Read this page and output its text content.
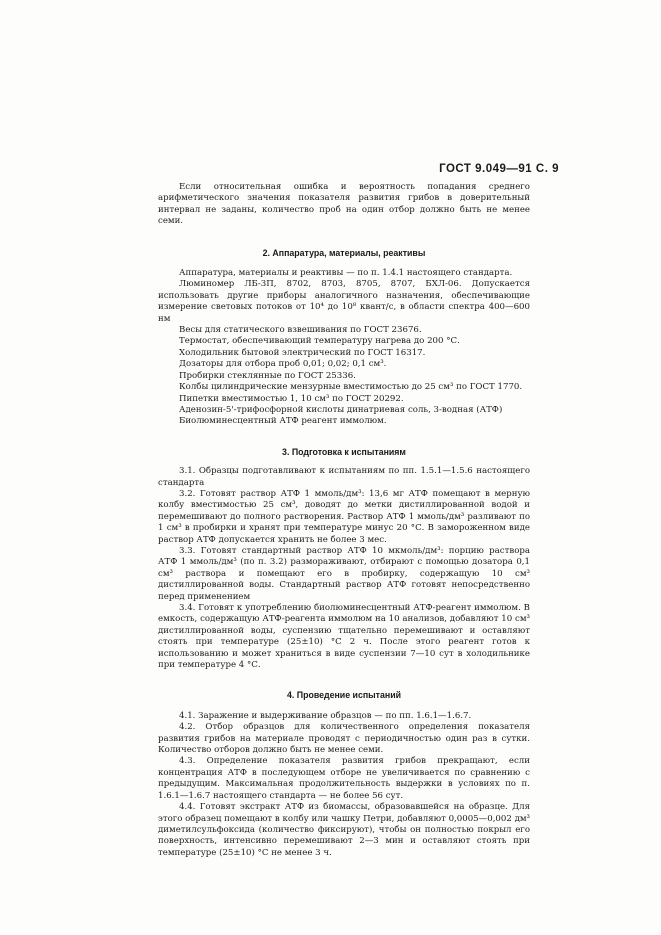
ГОСТ 9.049—91 С. 9

Если относительная ошибка и вероятность попадания среднего арифметического значения показателя развития грибов в доверительный интервал не заданы, количество проб на один отбор должно быть не менее семи.

2. Аппаратура, материалы, реактивы

Аппаратура, материалы и реактивы — по п. 1.4.1 настоящего стандарта.

Люминомер ЛБ-3П, 8702, 8703, 8705, 8707, БХЛ-06. Допускается использовать другие приборы аналогичного назначения, обеспечивающие измерение световых потоков от 10⁴ до 10⁸ квант/с, в области спектра 400—600 нм

Весы для статического взвешивания по ГОСТ 23676.

Термостат, обеспечивающий температуру нагрева до 200 °С.

Холодильник бытовой электрический по ГОСТ 16317.

Дозаторы для отбора проб 0,01; 0,02; 0,1 см³.

Пробирки стеклянные по ГОСТ 25336.

Колбы цилиндрические мензурные вместимостью до 25 см³ по ГОСТ 1770.

Пипетки вместимостью 1, 10 см³ по ГОСТ 20292.

Аденозин-5'-трифосфорной кислоты динатриевая соль, 3-водная (АТФ)

Биолюминесцентный АТФ реагент иммолюм.

3. Подготовка к испытаниям

3.1. Образцы подготавливают к испытаниям по пп. 1.5.1—1.5.6 настоящего стандарта

3.2. Готовят раствор АТФ 1 ммоль/дм³: 13,6 мг АТФ помещают в мерную колбу вместимостью 25 см³, доводят до метки дистиллированной водой и перемешивают до полного растворения. Раствор АТФ 1 ммоль/дм³ разливают по 1 см³ в пробирки и хранят при температуре минус 20 °С. В замороженном виде раствор АТФ допускается хранить не более 3 мес.

3.3. Готовят стандартный раствор АТФ 10 мкмоль/дм³: порцию раствора АТФ 1 ммоль/дм³ (по п. 3.2) размораживают, отбирают с помощью дозатора 0,1 см³ раствора и помещают его в пробирку, содержащую 10 см³ дистиллированной воды. Стандартный раствор АТФ готовят непосредственно перед применением

3.4. Готовят к употреблению биолюминесцентный АТФ-реагент иммолюм. В емкость, содержащую АТФ-реагента иммолюм на 10 анализов, добавляют 10 см³ дистиллированной воды, суспензию тщательно перемешивают и оставляют стоять при температуре (25±10) °С 2 ч. После этого реагент готов к использованию и может храниться в виде суспензии 7—10 сут в холодильнике при температуре 4 °С.

4. Проведение испытаний

4.1. Заражение и выдерживание образцов — по пп. 1.6.1—1.6.7.

4.2. Отбор образцов для количественного определения показателя развития грибов на материале проводят с периодичностью один раз в сутки. Количество отборов должно быть не менее семи.

4.3. Определение показателя развития грибов прекращают, если концентрация АТФ в последующем отборе не увеличивается по сравнению с предыдущим. Максимальная продолжительность выдержки в условиях по п. 1.6.1—1.6.7 настоящего стандарта — не более 56 сут.

4.4. Готовят экстракт АТФ из биомассы, образовавшейся на образце. Для этого образец помещают в колбу или чашку Петри, добавляют 0,0005—0,002 дм³ диметилсульфоксида (количество фиксируют), чтобы он полностью покрыл его поверхность, интенсивно перемешивают 2—3 мин и оставляют стоять при температуре (25±10) °С не менее 3 ч.
